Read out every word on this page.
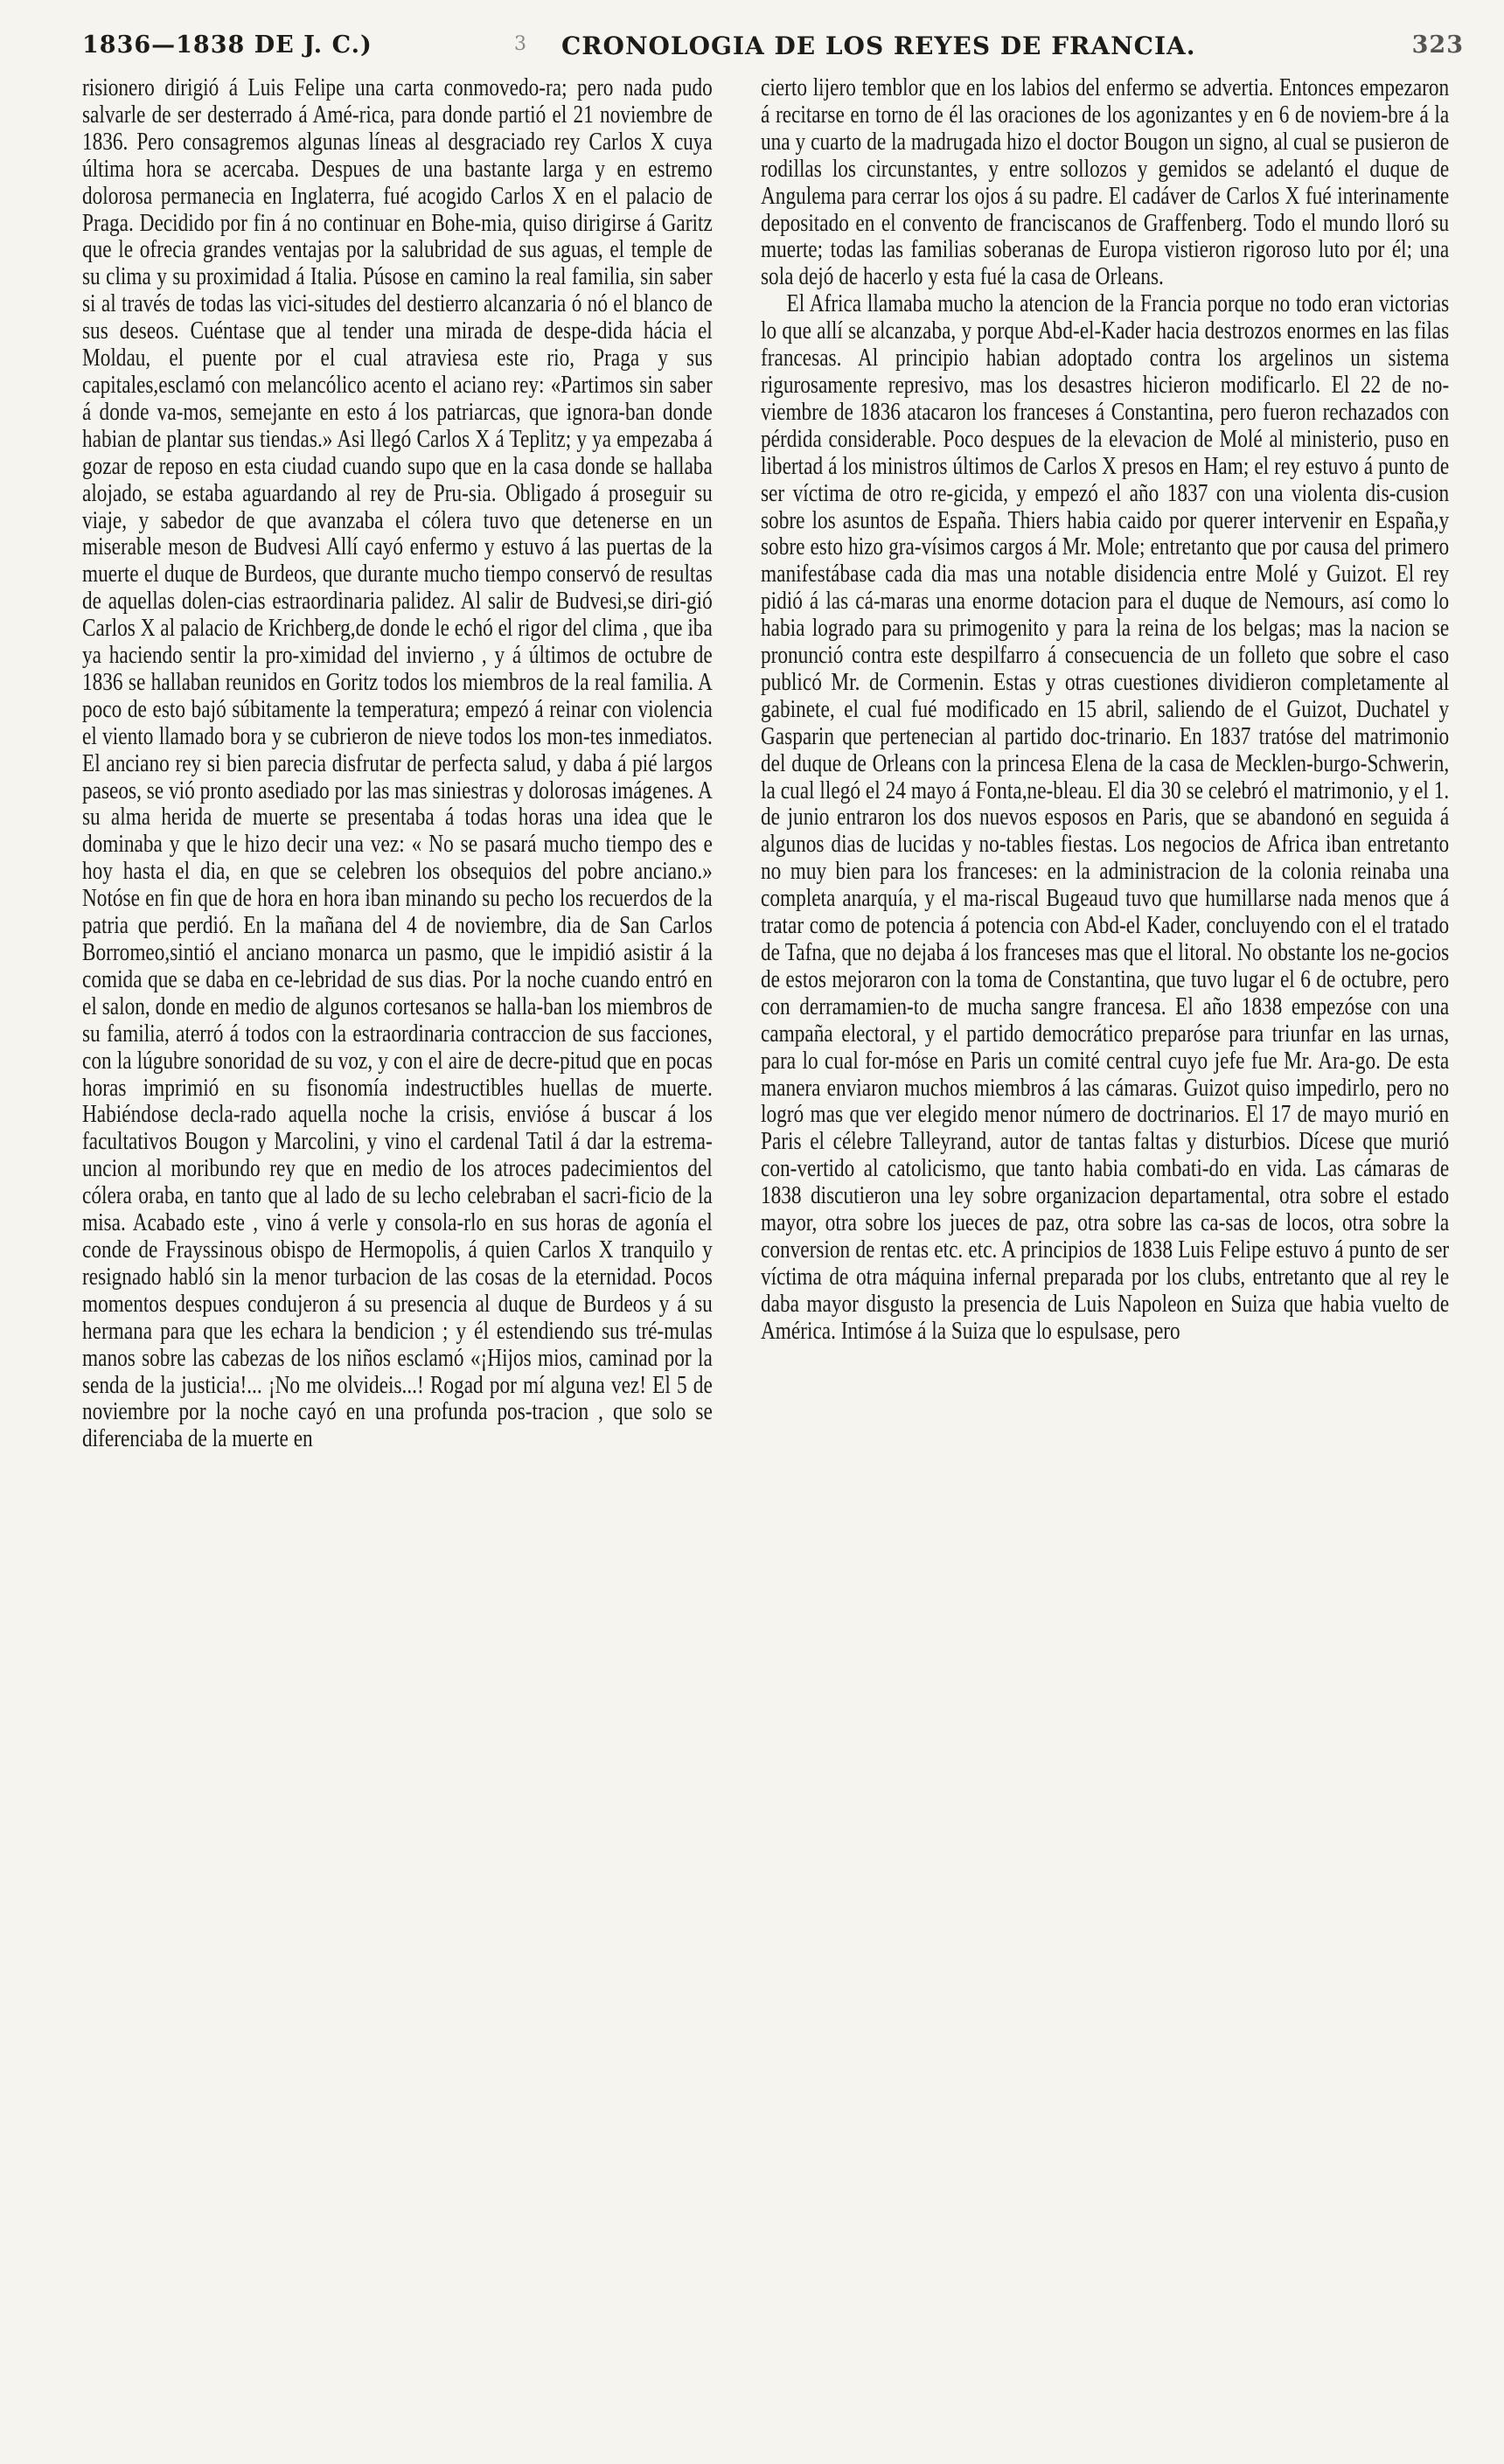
1836—1838 DE J. C.)	3 CRONOLOGIA DE LOS REYES DE FRANCIA.	323

risionero dirigió á Luis Felipe una carta conmovedo-ra; pero nada pudo salvarle de ser desterrado á Amé-rica, para donde partió el 21 noviembre de 1836. Pero consagremos algunas líneas al desgraciado rey Carlos X cuya última hora se acercaba. Despues de una bastante larga y en estremo dolorosa permanecia en Inglaterra, fué acogido Carlos X en el palacio de Praga. Decidido por fin á no continuar en Bohe-mia, quiso dirigirse á Garitz que le ofrecia grandes ventajas por la salubridad de sus aguas, el temple de su clima y su proximidad á Italia. Púsose en camino la real familia, sin saber si al través de todas las vici-situdes del destierro alcanzaria ó nó el blanco de sus deseos. Cuéntase que al tender una mirada de despe-dida hácia el Moldau, el puente por el cual atraviesa este rio, Praga y sus capitales,esclamó con melancólico acento el aciano rey: «Partimos sin saber á donde va-mos, semejante en esto á los patriarcas, que ignora-ban donde habian de plantar sus tiendas.» Asi llegó Carlos X á Teplitz; y ya empezaba á gozar de reposo en esta ciudad cuando supo que en la casa donde se hallaba alojado, se estaba aguardando al rey de Pru-sia. Obligado á proseguir su viaje, y sabedor de que avanzaba el cólera tuvo que detenerse en un miserable meson de Budvesi Allí cayó enfermo y estuvo á las puertas de la muerte el duque de Burdeos, que durante mucho tiempo conservó de resultas de aquellas dolen-cias estraordinaria palidez. Al salir de Budvesi,se diri-gió Carlos X al palacio de Krichberg,de donde le echó el rigor del clima , que iba ya haciendo sentir la pro-ximidad del invierno , y á últimos de octubre de 1836 se hallaban reunidos en Goritz todos los miembros de la real familia. A poco de esto bajó súbitamente la temperatura; empezó á reinar con violencia el viento llamado bora y se cubrieron de nieve todos los mon-tes inmediatos. El anciano rey si bien parecia disfrutar de perfecta salud, y daba á pié largos paseos, se vió pronto asediado por las mas siniestras y dolorosas imágenes. A su alma herida de muerte se presentaba á todas horas una idea que le dominaba y que le hizo decir una vez: « No se pasará mucho tiempo des e hoy hasta el dia, en que se celebren los obsequios del pobre anciano.» Notóse en fin que de hora en hora iban minando su pecho los recuerdos de la patria que perdió. En la mañana del 4 de noviembre, dia de San Carlos Borromeo,sintió el anciano monarca un pasmo, que le impidió asistir á la comida que se daba en ce-lebridad de sus dias. Por la noche cuando entró en el salon, donde en medio de algunos cortesanos se halla-ban los miembros de su familia, aterró á todos con la estraordinaria contraccion de sus facciones, con la lúgubre sonoridad de su voz, y con el aire de decre-pitud que en pocas horas imprimió en su fisonomía indestructibles huellas de muerte. Habiéndose decla-rado aquella noche la crisis, envióse á buscar á los facultativos Bougon y Marcolini, y vino el cardenal Tatil á dar la estrema-uncion al moribundo rey que en medio de los atroces padecimientos del cólera oraba, en tanto que al lado de su lecho celebraban el sacri-ficio de la misa. Acabado este , vino á verle y consola-rlo en sus horas de agonía el conde de Frayssinous obispo de Hermopolis, á quien Carlos X tranquilo y resignado habló sin la menor turbacion de las cosas de la eternidad. Pocos momentos despues condujeron á su presencia al duque de Burdeos y á su hermana para que les echara la bendicion ; y él estendiendo sus tré-mulas manos sobre las cabezas de los niños esclamó «¡Hijos mios, caminad por la senda de la justicia!... ¡No me olvideis...! Rogad por mí alguna vez! El 5 de noviembre por la noche cayó en una profunda pos-tracion , que solo se diferenciaba de la muerte en

cierto lijero temblor que en los labios del enfermo se advertia. Entonces empezaron á recitarse en torno de él las oraciones de los agonizantes y en 6 de noviem-bre á la una y cuarto de la madrugada hizo el doctor Bougon un signo, al cual se pusieron de rodillas los circunstantes, y entre sollozos y gemidos se adelantó el duque de Angulema para cerrar los ojos á su padre. El cadáver de Carlos X fué interinamente depositado en el convento de franciscanos de Graffenberg. Todo el mundo lloró su muerte; todas las familias soberanas de Europa vistieron rigoroso luto por él; una sola dejó de hacerlo y esta fué la casa de Orleans.

El Africa llamaba mucho la atencion de la Francia porque no todo eran victorias lo que allí se alcanzaba, y porque Abd-el-Kader hacia destrozos enormes en las filas francesas. Al principio habian adoptado contra los argelinos un sistema rigurosamente represivo, mas los desastres hicieron modificarlo. El 22 de no-viembre de 1836 atacaron los franceses á Constantina, pero fueron rechazados con pérdida considerable. Poco despues de la elevacion de Molé al ministerio, puso en libertad á los ministros últimos de Carlos X presos en Ham; el rey estuvo á punto de ser víctima de otro re-gicida, y empezó el año 1837 con una violenta dis-cusion sobre los asuntos de España. Thiers habia caido por querer intervenir en España,y sobre esto hizo gra-vísimos cargos á Mr. Mole; entretanto que por causa del primero manifestábase cada dia mas una notable disidencia entre Molé y Guizot. El rey pidió á las cá-maras una enorme dotacion para el duque de Nemours, así como lo habia logrado para su primogenito y para la reina de los belgas; mas la nacion se pronunció contra este despilfarro á consecuencia de un folleto que sobre el caso publicó Mr. de Cormenin. Estas y otras cuestiones dividieron completamente al gabinete, el cual fué modificado en 15 abril, saliendo de el Guizot, Duchatel y Gasparin que pertenecian al partido doc-trinario. En 1837 tratóse del matrimonio del duque de Orleans con la princesa Elena de la casa de Mecklen-burgo-Schwerin, la cual llegó el 24 mayo á Fonta,ne-bleau. El dia 30 se celebró el matrimonio, y el 1. de junio entraron los dos nuevos esposos en Paris, que se abandonó en seguida á algunos dias de lucidas y no-tables fiestas. Los negocios de Africa iban entretanto no muy bien para los franceses: en la administracion de la colonia reinaba una completa anarquía, y el ma-riscal Bugeaud tuvo que humillarse nada menos que á tratar como de potencia á potencia con Abd-el Kader, concluyendo con el el tratado de Tafna, que no dejaba á los franceses mas que el litoral. No obstante los ne-gocios de estos mejoraron con la toma de Constantina, que tuvo lugar el 6 de octubre, pero con derramamien-to de mucha sangre francesa. El año 1838 empezóse con una campaña electoral, y el partido democrático preparóse para triunfar en las urnas, para lo cual for-móse en Paris un comité central cuyo jefe fue Mr. Ara-go. De esta manera enviaron muchos miembros á las cámaras. Guizot quiso impedirlo, pero no logró mas que ver elegido menor número de doctrinarios. El 17 de mayo murió en Paris el célebre Talleyrand, autor de tantas faltas y disturbios. Dícese que murió con-vertido al catolicismo, que tanto habia combati-do en vida. Las cámaras de 1838 discutieron una ley sobre organizacion departamental, otra sobre el estado mayor, otra sobre los jueces de paz, otra sobre las ca-sas de locos, otra sobre la conversion de rentas etc. etc. A principios de 1838 Luis Felipe estuvo á punto de ser víctima de otra máquina infernal preparada por los clubs, entretanto que al rey le daba mayor disgusto la presencia de Luis Napoleon en Suiza que habia vuelto de América. Intimóse á la Suiza que lo espulsase, pero
